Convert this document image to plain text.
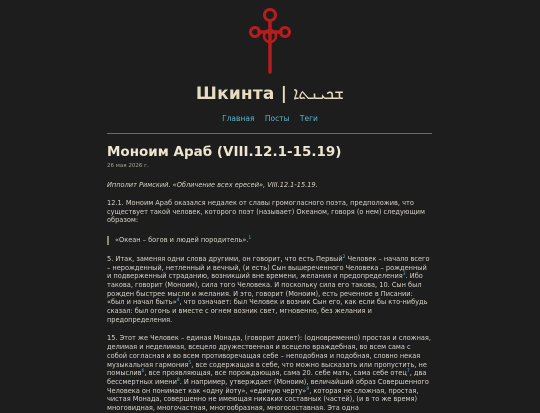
Шкинта | ܫܟܝܢܬܐ
Главная Посты Теги
Моноим Араб (VIII.12.1-15.19)
26 мая 2026 г.
Ипполит Римский. «Обличение всех ересей», VIII.12.1-15.19.

12.1. Моноим Араб оказался недалек от славы громогласного поэта, предположив, что существует такой человек, которого поэт (называет) Океаном, говоря (о нем) следующим образом:

«Океан – богов и людей породитель».$^1$

5. Итак, заменяя одни слова другими, он говорит, что есть Первый$^2$ Человек – начало всего – нерожденный, нетленный и вечный, (и есть) Сын вышереченного Человека – рожденный и подверженный страданию, возникший вне времени, желания и предопределения$^3$. Ибо такова, говорит (Моноим), сила того Человека. И поскольку сила его такова, 10. Сын был рожден быстрее мысли и желания. И это, говорит (Моноим), есть реченное в Писании: «был и начал быть»$^4$, что означает: был Человек и возник Сын его, как если бы кто-нибудь сказал: был огонь и вместе с огнем возник свет, мгновенно, без желания и предопределения.

15. Этот же Человек – единая Монада, (говорит докет): (одновременно) простая и сложная, делимая и неделимая, всецело дружественная и всецело враждебная, во всем сама с собой согласная и во всем противоречащая себе – неподобная и подобная, словно некая музыкальная гармония$^5$, все содержащая в себе, что можно высказать или пропустить, не помыслив$^6$, все проявляющая, все порождающая, сама 20. себе мать, сама себе отец$^7$, два бессмертных имени$^8$. И например, утверждает (Моноим), величайший образ Совершенного Человека он понимает как «одну йоту», «единую черту»$^9$, которая не сложная, простая, чистая Монада, совершенно не имеющая никаких составных (частей), (и в то же время) многовидная, многочастная, многообразная, многосоставная. Эта одна
